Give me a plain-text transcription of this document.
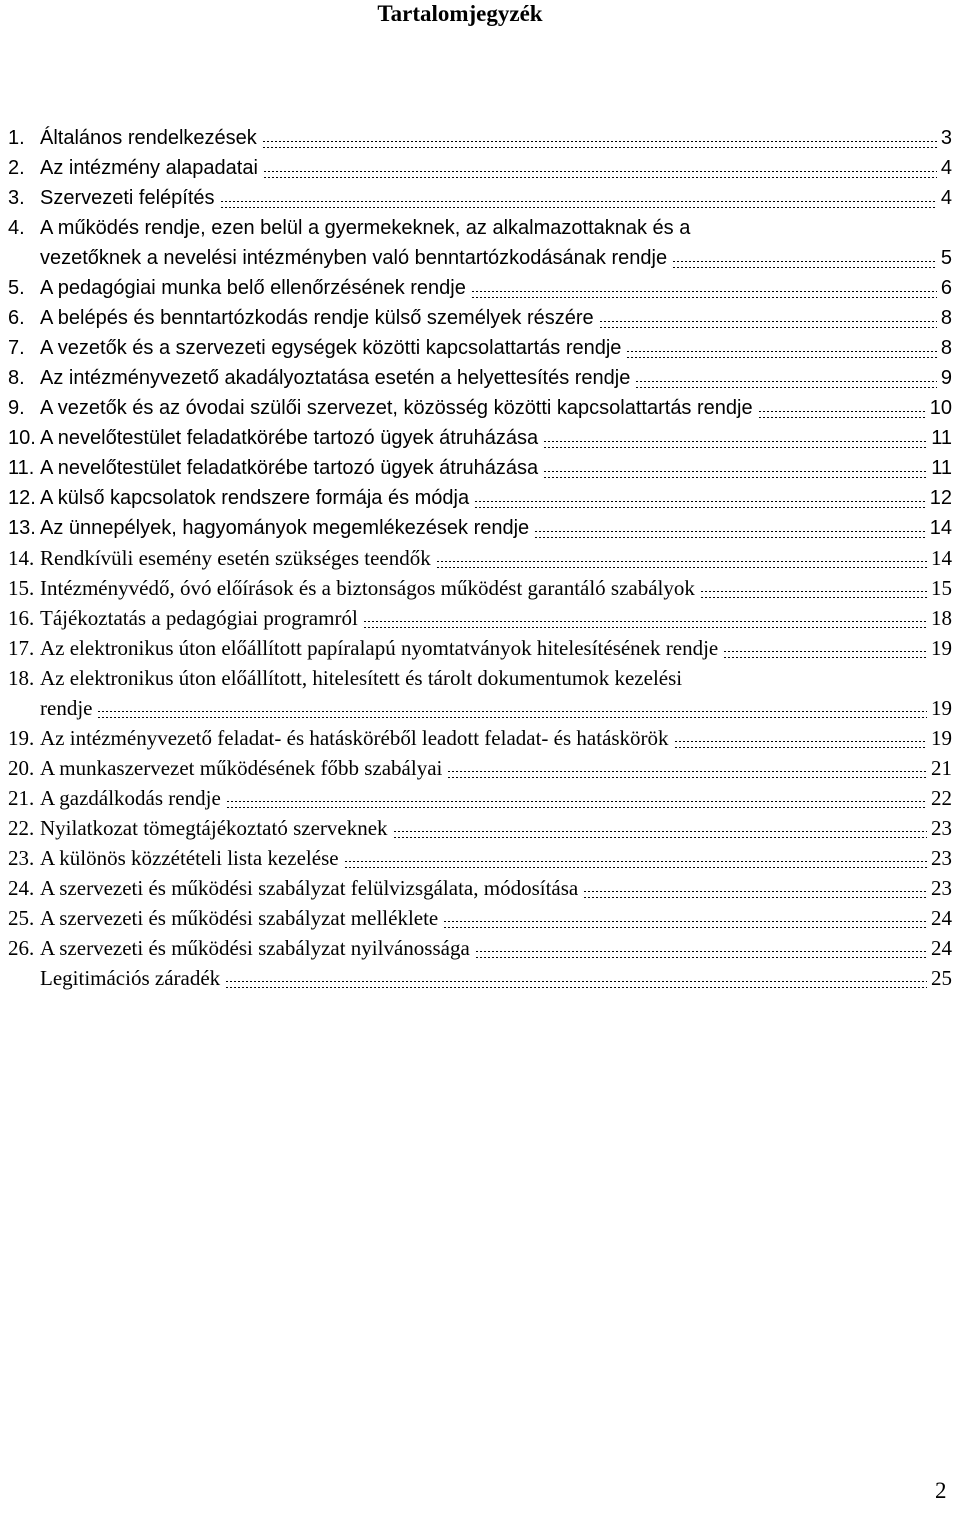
Tartalomjegyzék
1. Általános rendelkezések	3
2. Az intézmény alapadatai	4
3. Szervezeti felépítés	4
4. A működés rendje, ezen belül a gyermekeknek, az alkalmazottaknak és a
vezetőknek a nevelési intézményben való benntartózkodásának rendje	5
5. A pedagógiai munka belő ellenőrzésének rendje	6
6. A belépés és benntartózkodás rendje külső személyek részére	8
7. A vezetők és a szervezeti egységek közötti kapcsolattartás rendje	8
8. Az intézményvezető akadályoztatása esetén a helyettesítés rendje	9
9. A vezetők és az óvodai szülői szervezet, közösség közötti kapcsolattartás rendje	10
10. A nevelőtestület feladatkörébe tartozó ügyek átruházása	11
11. A nevelőtestület feladatkörébe tartozó ügyek átruházása	11
12. A külső kapcsolatok rendszere formája és módja	12
13. Az ünnepélyek, hagyományok megemlékezések rendje	14
14. Rendkívüli esemény esetén szükséges teendők	14
15. Intézményvédő, óvó előírások és a biztonságos működést garantáló szabályok	15
16. Tájékoztatás a pedagógiai programról	18
17. Az elektronikus úton előállított papíralapú nyomtatványok hitelesítésének rendje	19
18. Az elektronikus úton előállított, hitelesített és tárolt dokumentumok kezelési
rendje	19
19. Az intézményvezető feladat- és hatásköréből leadott feladat- és hatáskörök	19
20. A munkaszervezet működésének főbb szabályai	21
21. A gazdálkodás rendje	22
22. Nyilatkozat tömegtájékoztató szerveknek	23
23. A különös közzétételi lista kezelése	23
24. A szervezeti és működési szabályzat felülvizsgálata, módosítása	23
25. A szervezeti és működési szabályzat melléklete	24
26. A szervezeti és működési szabályzat nyilvánossága	24
Legitimációs záradék	25
2
